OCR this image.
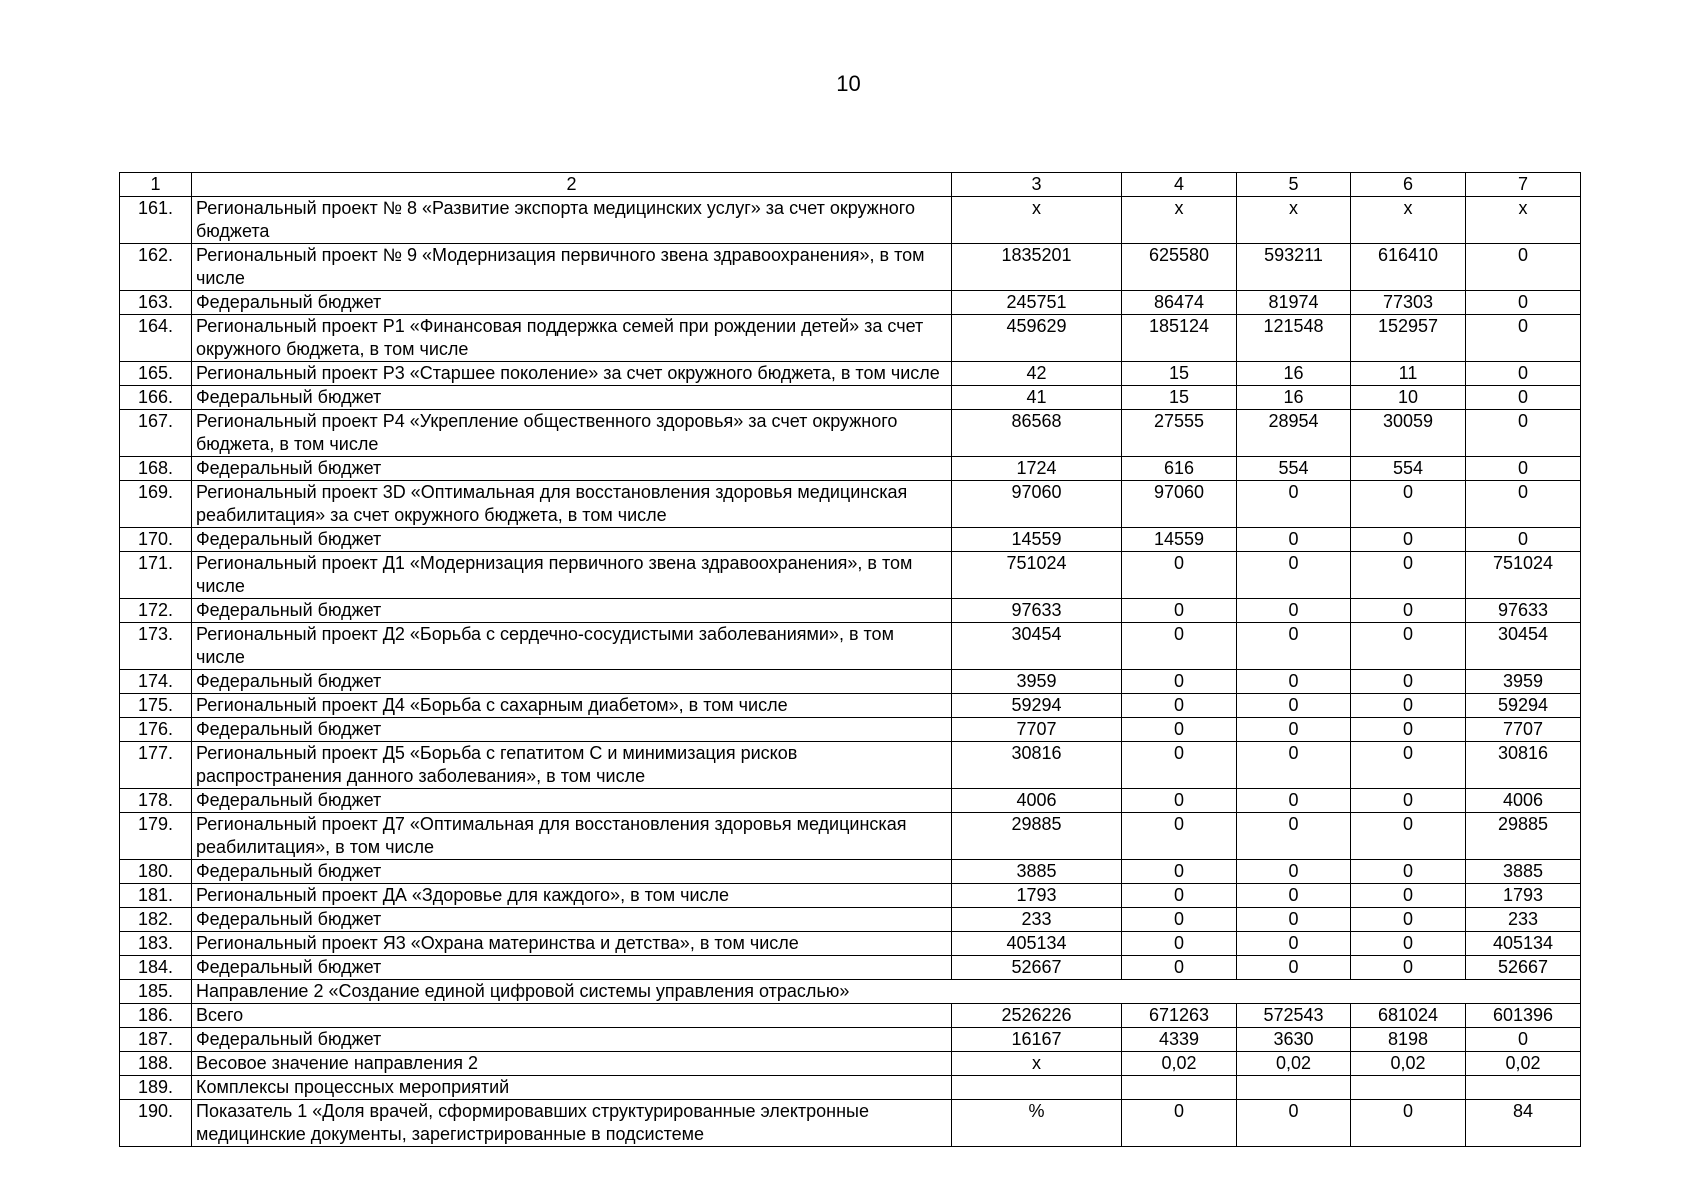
10
1	2	3	4	5	6	7
161.	Региональный проект № 8 «Развитие экспорта медицинских услуг» за счет окружного бюджета	x	x	x	x	x
162.	Региональный проект № 9 «Модернизация первичного звена здравоохранения», в том числе	1835201	625580	593211	616410	0
163.	Федеральный бюджет	245751	86474	81974	77303	0
164.	Региональный проект Р1 «Финансовая поддержка семей при рождении детей» за счет окружного бюджета, в том числе	459629	185124	121548	152957	0
165.	Региональный проект Р3 «Старшее поколение» за счет окружного бюджета, в том числе	42	15	16	11	0
166.	Федеральный бюджет	41	15	16	10	0
167.	Региональный проект Р4 «Укрепление общественного здоровья» за счет окружного бюджета, в том числе	86568	27555	28954	30059	0
168.	Федеральный бюджет	1724	616	554	554	0
169.	Региональный проект 3D «Оптимальная для восстановления здоровья медицинская реабилитация» за счет окружного бюджета, в том числе	97060	97060	0	0	0
170.	Федеральный бюджет	14559	14559	0	0	0
171.	Региональный проект Д1 «Модернизация первичного звена здравоохранения», в том числе	751024	0	0	0	751024
172.	Федеральный бюджет	97633	0	0	0	97633
173.	Региональный проект Д2 «Борьба с сердечно-сосудистыми заболеваниями», в том числе	30454	0	0	0	30454
174.	Федеральный бюджет	3959	0	0	0	3959
175.	Региональный проект Д4 «Борьба с сахарным диабетом», в том числе	59294	0	0	0	59294
176.	Федеральный бюджет	7707	0	0	0	7707
177.	Региональный проект Д5 «Борьба с гепатитом С и минимизация рисков распространения данного заболевания», в том числе	30816	0	0	0	30816
178.	Федеральный бюджет	4006	0	0	0	4006
179.	Региональный проект Д7 «Оптимальная для восстановления здоровья медицинская реабилитация», в том числе	29885	0	0	0	29885
180.	Федеральный бюджет	3885	0	0	0	3885
181.	Региональный проект ДА «Здоровье для каждого», в том числе	1793	0	0	0	1793
182.	Федеральный бюджет	233	0	0	0	233
183.	Региональный проект Я3 «Охрана материнства и детства», в том числе	405134	0	0	0	405134
184.	Федеральный бюджет	52667	0	0	0	52667
185.	Направление 2 «Создание единой цифровой системы управления отраслью»					
186.	Всего	2526226	671263	572543	681024	601396
187.	Федеральный бюджет	16167	4339	3630	8198	0
188.	Весовое значение направления 2	x	0,02	0,02	0,02	0,02
189.	Комплексы процессных мероприятий					
190.	Показатель 1 «Доля врачей, сформировавших структурированные электронные медицинские документы, зарегистрированные в подсистеме	%	0	0	0	84
